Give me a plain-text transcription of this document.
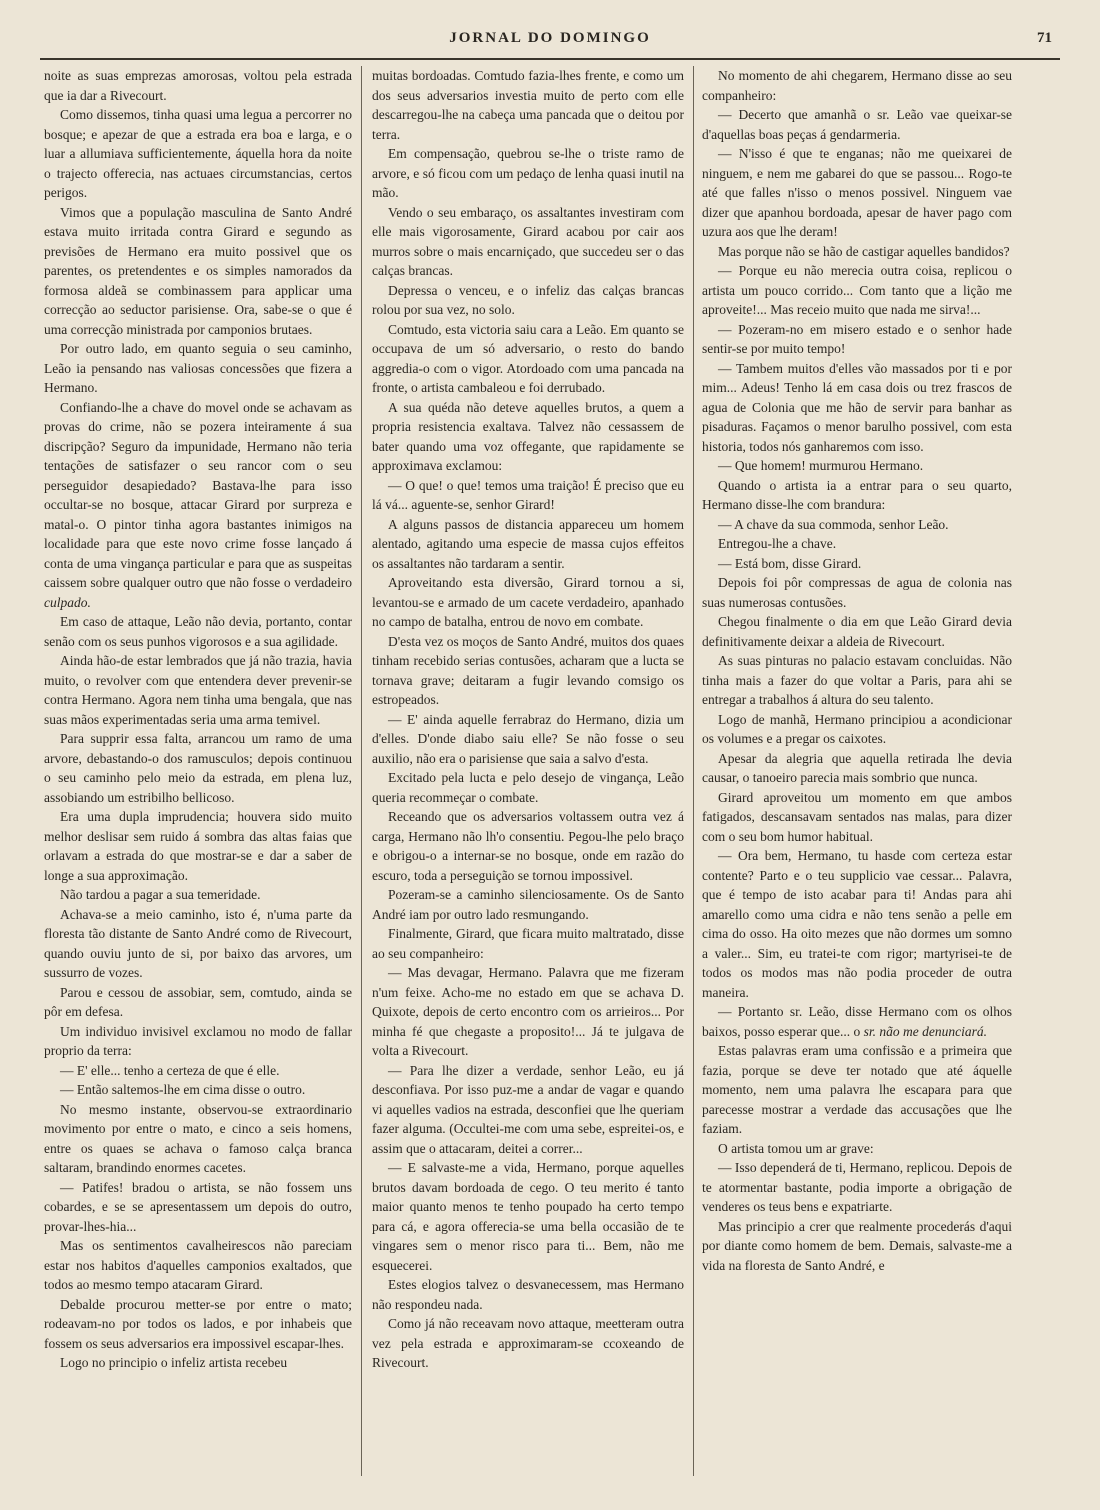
JORNAL DO DOMINGO	71

noite as suas emprezas amorosas, voltou pela estrada que ia dar a Rivecourt.

Como dissemos, tinha quasi uma legua a percorrer no bosque; e apezar de que a estrada era boa e larga, e o luar a allumiava sufficientemente, áquella hora da noite o trajecto offerecia, nas actuaes circumstancias, certos perigos.

Vimos que a população masculina de Santo André estava muito irritada contra Girard e segundo as previsões de Hermano era muito possivel que os parentes, os pretendentes e os simples namorados da formosa aldeã se combinassem para applicar uma correcção ao seductor parisiense. Ora, sabe-se o que é uma correcção ministrada por camponios brutaes.

Por outro lado, em quanto seguia o seu caminho, Leão ia pensando nas valiosas concessões que fizera a Hermano.

Confiando-lhe a chave do movel onde se achavam as provas do crime, não se pozera inteiramente á sua discripção? Seguro da impunidade, Hermano não teria tentações de satisfazer o seu rancor com o seu perseguidor desapiedado? Bastava-lhe para isso occultar-se no bosque, attacar Girard por surpreza e matal-o. O pintor tinha agora bastantes inimigos na localidade para que este novo crime fosse lançado á conta de uma vingança particular e para que as suspeitas caissem sobre qualquer outro que não fosse o verdadeiro culpado.

Em caso de attaque, Leão não devia, portanto, contar senão com os seus punhos vigorosos e a sua agilidade.

Ainda hão-de estar lembrados que já não trazia, havia muito, o revolver com que entendera dever prevenir-se contra Hermano. Agora nem tinha uma bengala, que nas suas mãos experimentadas seria uma arma temivel.

Para supprir essa falta, arrancou um ramo de uma arvore, debastando-o dos ramusculos; depois continuou o seu caminho pelo meio da estrada, em plena luz, assobiando um estribilho bellicoso.

Era uma dupla imprudencia; houvera sido muito melhor deslisar sem ruido á sombra das altas faias que orlavam a estrada do que mostrar-se e dar a saber de longe a sua approximação.

Não tardou a pagar a sua temeridade.

Achava-se a meio caminho, isto é, n'uma parte da floresta tão distante de Santo André como de Rivecourt, quando ouviu junto de si, por baixo das arvores, um sussurro de vozes.

Parou e cessou de assobiar, sem, comtudo, ainda se pôr em defesa.

Um individuo invisivel exclamou no modo de fallar proprio da terra:

— E' elle... tenho a certeza de que é elle.

— Então saltemos-lhe em cima disse o outro.

No mesmo instante, observou-se extraordinario movimento por entre o mato, e cinco a seis homens, entre os quaes se achava o famoso calça branca saltaram, brandindo enormes cacetes.

— Patifes! bradou o artista, se não fossem uns cobardes, e se se apresentassem um depois do outro, provar-lhes-hia...

Mas os sentimentos cavalheirescos não pareciam estar nos habitos d'aquelles camponios exaltados, que todos ao mesmo tempo atacaram Girard.

Debalde procurou metter-se por entre o mato; rodeavam-no por todos os lados, e por inhabeis que fossem os seus adversarios era impossivel escapar-lhes.

Logo no principio o infeliz artista recebeu

muitas bordoadas. Comtudo fazia-lhes frente, e como um dos seus adversarios investia muito de perto com elle descarregou-lhe na cabeça uma pancada que o deitou por terra.

Em compensação, quebrou se-lhe o triste ramo de arvore, e só ficou com um pedaço de lenha quasi inutil na mão.

Vendo o seu embaraço, os assaltantes investiram com elle mais vigorosamente, Girard acabou por cair aos murros sobre o mais encarniçado, que succedeu ser o das calças brancas.

Depressa o venceu, e o infeliz das calças brancas rolou por sua vez, no solo.

Comtudo, esta victoria saiu cara a Leão. Em quanto se occupava de um só adversario, o resto do bando aggredia-o com o vigor. Atordoado com uma pancada na fronte, o artista cambaleou e foi derrubado.

A sua quéda não deteve aquelles brutos, a quem a propria resistencia exaltava. Talvez não cessassem de bater quando uma voz offegante, que rapidamente se approximava exclamou:

— O que! o que! temos uma traição! É preciso que eu lá vá... aguente-se, senhor Girard!

A alguns passos de distancia appareceu um homem alentado, agitando uma especie de massa cujos effeitos os assaltantes não tardaram a sentir.

Aproveitando esta diversão, Girard tornou a si, levantou-se e armado de um cacete verdadeiro, apanhado no campo de batalha, entrou de novo em combate.

D'esta vez os moços de Santo André, muitos dos quaes tinham recebido serias contusões, acharam que a lucta se tornava grave; deitaram a fugir levando comsigo os estropeados.

— E' ainda aquelle ferrabraz do Hermano, dizia um d'elles. D'onde diabo saiu elle? Se não fosse o seu auxilio, não era o parisiense que saia a salvo d'esta.

Excitado pela lucta e pelo desejo de vingança, Leão queria recommeçar o combate.

Receando que os adversarios voltassem outra vez á carga, Hermano não lh'o consentiu. Pegou-lhe pelo braço e obrigou-o a internar-se no bosque, onde em razão do escuro, toda a perseguição se tornou impossivel.

Pozeram-se a caminho silenciosamente. Os de Santo André iam por outro lado resmungando.

Finalmente, Girard, que ficara muito maltratado, disse ao seu companheiro:

— Mas devagar, Hermano. Palavra que me fizeram n'um feixe. Acho-me no estado em que se achava D. Quixote, depois de certo encontro com os arrieiros... Por minha fé que chegaste a proposito!... Já te julgava de volta a Rivecourt.

— Para lhe dizer a verdade, senhor Leão, eu já desconfiava. Por isso puz-me a andar de vagar e quando vi aquelles vadios na estrada, desconfiei que lhe queriam fazer alguma. (Occultei-me com uma sebe, espreitei-os, e assim que o attacaram, deitei a correr...

— E salvaste-me a vida, Hermano, porque aquelles brutos davam bordoada de cego. O teu merito é tanto maior quanto menos te tenho poupado ha certo tempo para cá, e agora offerecia-se uma bella occasião de te vingares sem o menor risco para ti... Bem, não me esquecerei.

Estes elogios talvez o desvanecessem, mas Hermano não respondeu nada.

Como já não receavam novo attaque, meetteram outra vez pela estrada e approximaram-se ccoxeando de Rivecourt.

No momento de ahi chegarem, Hermano disse ao seu companheiro:

— Decerto que amanhã o sr. Leão vae queixar-se d'aquellas boas peças á gendarmeria.

— N'isso é que te enganas; não me queixarei de ninguem, e nem me gabarei do que se passou... Rogo-te até que falles n'isso o menos possivel. Ninguem vae dizer que apanhou bordoada, apesar de haver pago com uzura aos que lhe deram!

Mas porque não se hão de castigar aquelles bandidos?

— Porque eu não merecia outra coisa, replicou o artista um pouco corrido... Com tanto que a lição me aproveite!... Mas receio muito que nada me sirva!...

— Pozeram-no em misero estado e o senhor hade sentir-se por muito tempo!

— Tambem muitos d'elles vão massados por ti e por mim... Adeus! Tenho lá em casa dois ou trez frascos de agua de Colonia que me hão de servir para banhar as pisaduras. Façamos o menor barulho possivel, com esta historia, todos nós ganharemos com isso.

— Que homem! murmurou Hermano.

Quando o artista ia a entrar para o seu quarto, Hermano disse-lhe com brandura:

— A chave da sua commoda, senhor Leão.

Entregou-lhe a chave.

— Está bom, disse Girard.

Depois foi pôr compressas de agua de colonia nas suas numerosas contusões.

Chegou finalmente o dia em que Leão Girard devia definitivamente deixar a aldeia de Rivecourt.

As suas pinturas no palacio estavam concluidas. Não tinha mais a fazer do que voltar a Paris, para ahi se entregar a trabalhos á altura do seu talento.

Logo de manhã, Hermano principiou a acondicionar os volumes e a pregar os caixotes.

Apesar da alegria que aquella retirada lhe devia causar, o tanoeiro parecia mais sombrio que nunca.

Girard aproveitou um momento em que ambos fatigados, descansavam sentados nas malas, para dizer com o seu bom humor habitual.

— Ora bem, Hermano, tu hasde com certeza estar contente? Parto e o teu supplicio vae cessar... Palavra, que é tempo de isto acabar para ti! Andas para ahi amarello como uma cidra e não tens senão a pelle em cima do osso. Ha oito mezes que não dormes um somno a valer... Sim, eu tratei-te com rigor; martyrisei-te de todos os modos mas não podia proceder de outra maneira.

— Portanto sr. Leão, disse Hermano com os olhos baixos, posso esperar que... o sr. não me denunciará.

Estas palavras eram uma confissão e a primeira que fazia, porque se deve ter notado que até áquelle momento, nem uma palavra lhe escapara para que parecesse mostrar a verdade das accusações que lhe faziam.

O artista tomou um ar grave:

— Isso dependerá de ti, Hermano, replicou. Depois de te atormentar bastante, podia importe a obrigação de venderes os teus bens e expatriarte.

Mas principio a crer que realmente procederás d'aqui por diante como homem de bem. Demais, salvaste-me a vida na floresta de Santo André, e
